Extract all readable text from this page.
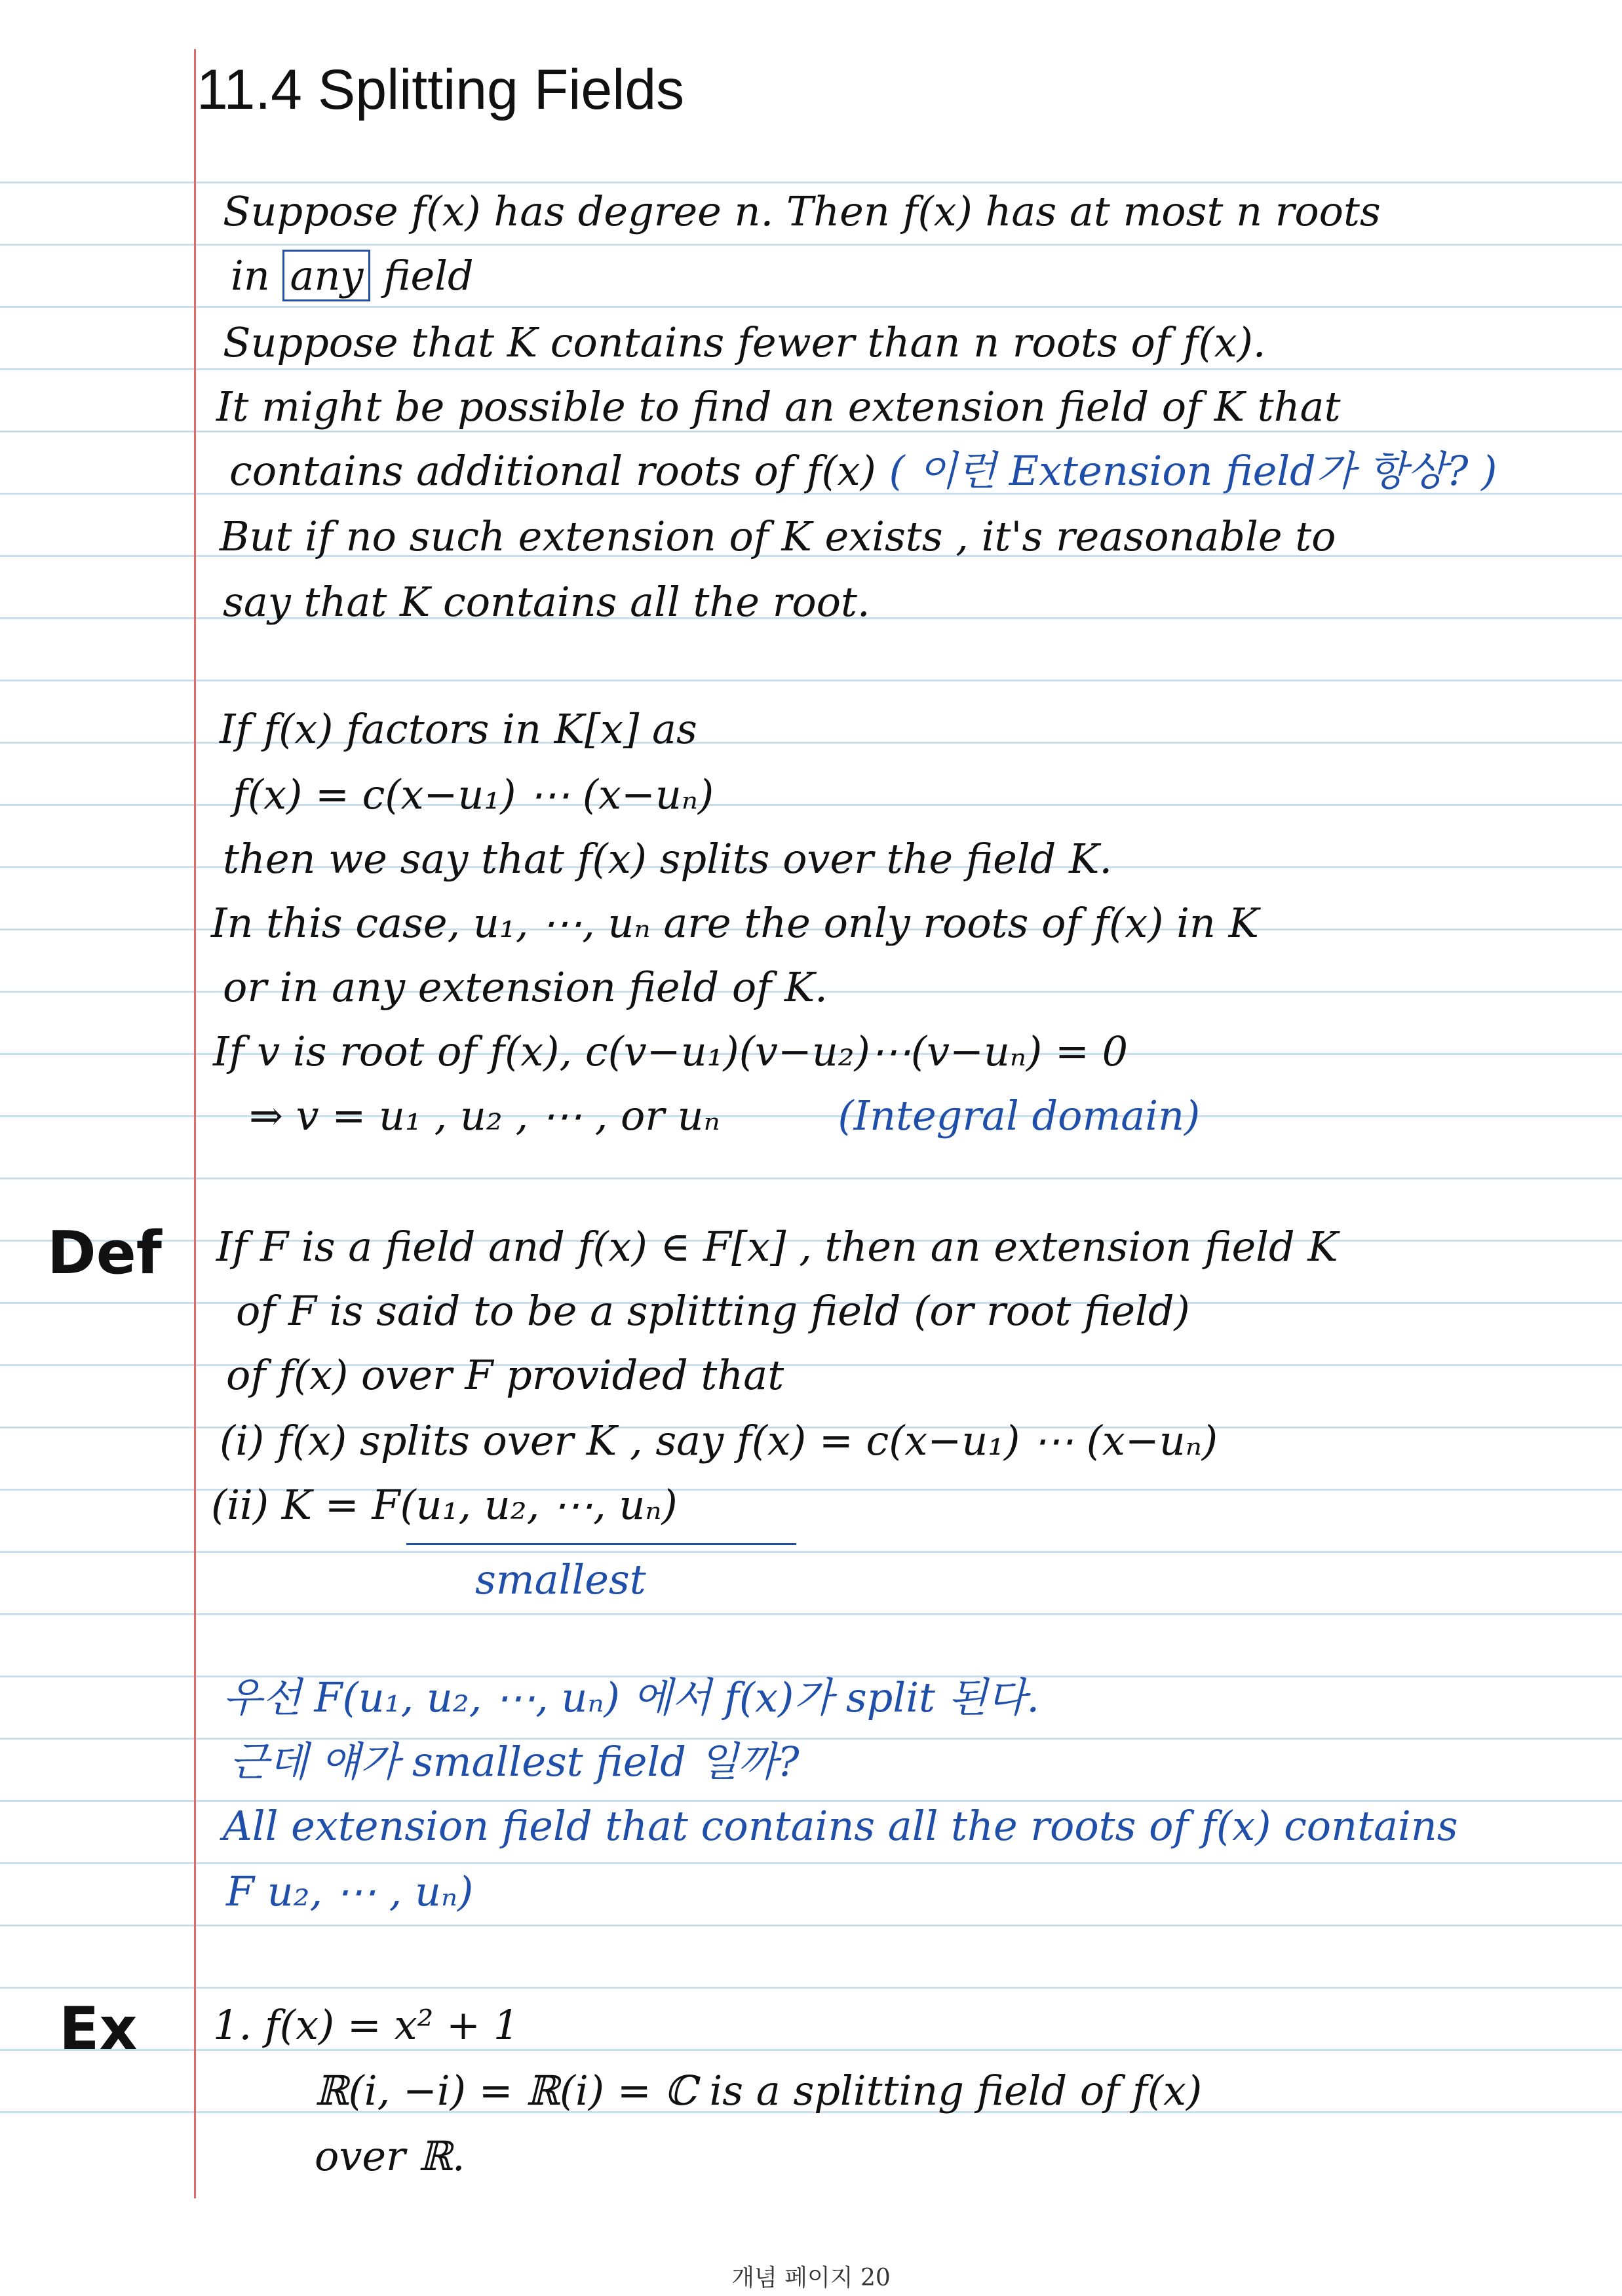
11.4 Splitting Fields
Suppose f(x) has degree n. Then f(x) has at most n roots
in any field
Suppose that K contains fewer than n roots of f(x).
It might be possible to find an extension field of K that
contains additional roots of f(x) ( 이런 Extension field가 항상? )
But if no such extension of K exists , it's reasonable to
say that K contains all the root.
If f(x) factors in K[x] as
f(x) = c(x−u₁) ⋯ (x−uₙ)
then we say that f(x) splits over the field K.
In this case, u₁, ⋯, uₙ are the only roots of f(x) in K
or in any extension field of K.
If v is root of f(x), c(v−u₁)(v−u₂)⋯(v−uₙ) = 0
⇒ v = u₁ , u₂ , ⋯ , or uₙ	(Integral domain)
Def If F is a field and f(x) ∈ F[x] , then an extension field K
of F is said to be a splitting field (or root field)
of f(x) over F provided that
(i) f(x) splits over K , say f(x) = c(x−u₁) ⋯ (x−uₙ)
(ii) K = F(u₁, u₂, ⋯, uₙ)
smallest
우선 F(u₁, u₂, ⋯, uₙ) 에서 f(x)가 split 된다.
근데 얘가 smallest field 일까?
All extension field that contains all the roots of f(x) contains
F u₂, ⋯ , uₙ)
Ex 1. f(x) = x² + 1
ℝ(i, −i) = ℝ(i) = ℂ is a splitting field of f(x)
over ℝ.
개념 페이지 20
